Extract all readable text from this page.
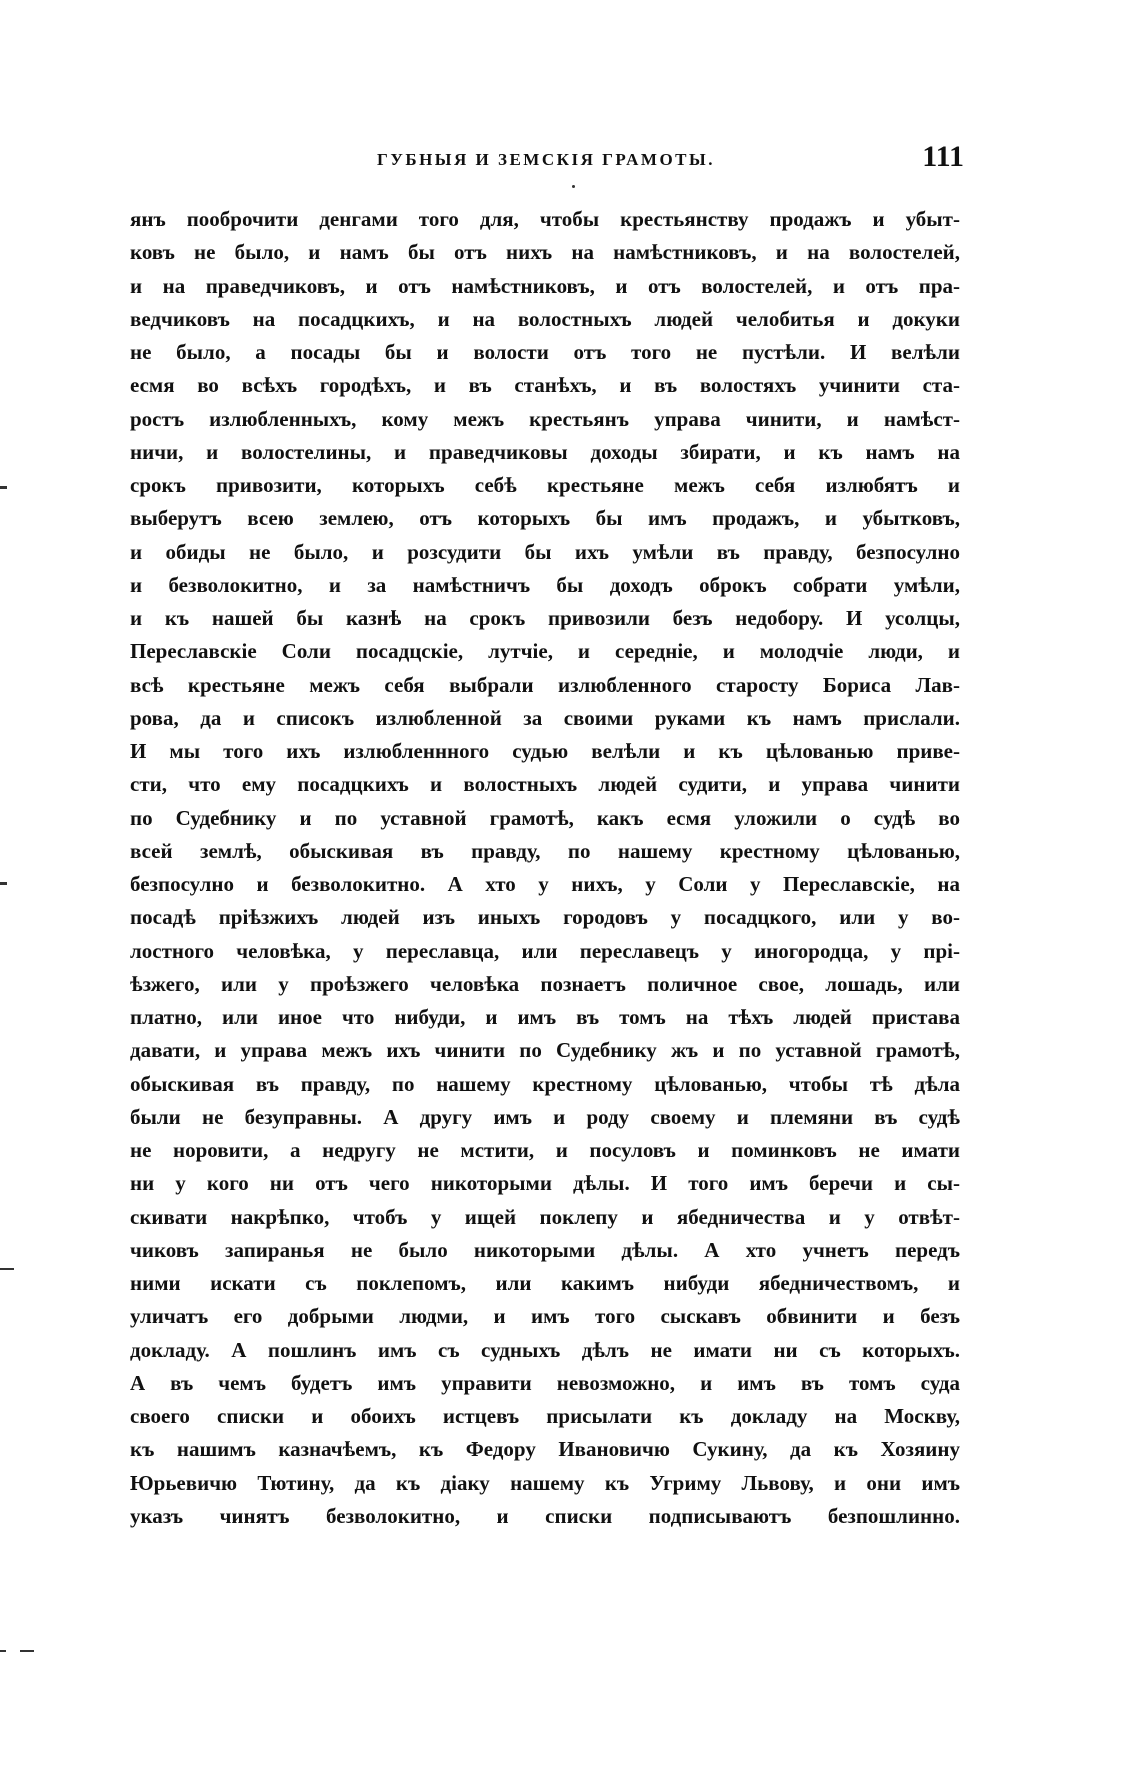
ГУБНЫЯ И ЗЕМСКІЯ ГРАМОТЫ.	111
янъ пооброчити денгами того для, чтобы крестьянству продажъ и убыт-
ковъ не было, и намъ бы отъ нихъ на намѣстниковъ, и на волостелей,
и на праведчиковъ, и отъ намѣстниковъ, и отъ волостелей, и отъ пра-
ведчиковъ на посадцкихъ, и на волостныхъ людей челобитья и докуки
не было, а посады бы и волости отъ того не пустѣли. И велѣли
есмя во всѣхъ городѣхъ, и въ станѣхъ, и въ волостяхъ учинити ста-
ростъ излюбленныхъ, кому межъ крестьянъ управа чинити, и намѣст-
ничи, и волостелины, и праведчиковы доходы збирати, и къ намъ на
срокъ привозити, которыхъ себѣ крестьяне межъ себя излюбятъ и
выберутъ всею землею, отъ которыхъ бы имъ продажъ, и убытковъ,
и обиды не было, и розсудити бы ихъ умѣли въ правду, безпосулно
и безволокитно, и за намѣстничъ бы доходъ оброкъ собрати умѣли,
и къ нашей бы казнѣ на срокъ привозили безъ недобору. И усолцы,
Переславскіе Соли посадцскіе, лутчіе, и середніе, и молодчіе люди, и
всѣ крестьяне межъ себя выбрали излюбленного старосту Бориса Лав-
рова, да и списокъ излюбленной за своими руками къ намъ прислали.
И мы того ихъ излюбленнного судью велѣли и къ цѣлованью приве-
сти, что ему посадцкихъ и волостныхъ людей судити, и управа чинити
по Судебнику и по уставной грамотѣ, какъ есмя уложили о судѣ во
всей землѣ, обыскивая въ правду, по нашему крестному цѣлованью,
безпосулно и безволокитно. А хто у нихъ, у Соли у Переславскіе, на
посадѣ пріѣзжихъ людей изъ иныхъ городовъ у посадцкого, или у во-
лостного человѣка, у переславца, или переславецъ у иногородца, у прі-
ѣзжего, или у проѣзжего человѣка познаетъ поличное свое, лошадь, или
платно, или иное что нибуди, и имъ въ томъ на тѣхъ людей пристава
давати, и управа межъ ихъ чинити по Судебнику жъ и по уставной грамотѣ,
обыскивая въ правду, по нашему крестному цѣлованью, чтобы тѣ дѣла
были не безуправны. А другу имъ и роду своему и племяни въ судѣ
не норовити, а недругу не мстити, и посуловъ и поминковъ не имати
ни у кого ни отъ чего никоторыми дѣлы. И того имъ беречи и сы-
скивати накрѣпко, чтобъ у ищей поклепу и ябедничества и у отвѣт-
чиковъ запиранья не было никоторыми дѣлы. А хто учнетъ передъ
ними искати съ поклепомъ, или какимъ нибуди ябедничествомъ, и
уличатъ его добрыми людми, и имъ того сыскавъ обвинити и безъ
докладу. А пошлинъ имъ съ судныхъ дѣлъ не имати ни съ которыхъ.
А въ чемъ будетъ имъ управити невозможно, и имъ въ томъ суда
своего списки и обоихъ истцевъ присылати къ докладу на Москву,
къ нашимъ казначѣемъ, къ Федору Ивановичю Сукину, да къ Хозяину
Юрьевичю Тютину, да къ діаку нашему къ Угриму Львову, и они имъ
указъ чинятъ безволокитно, и списки подписываютъ безпошлинно.
